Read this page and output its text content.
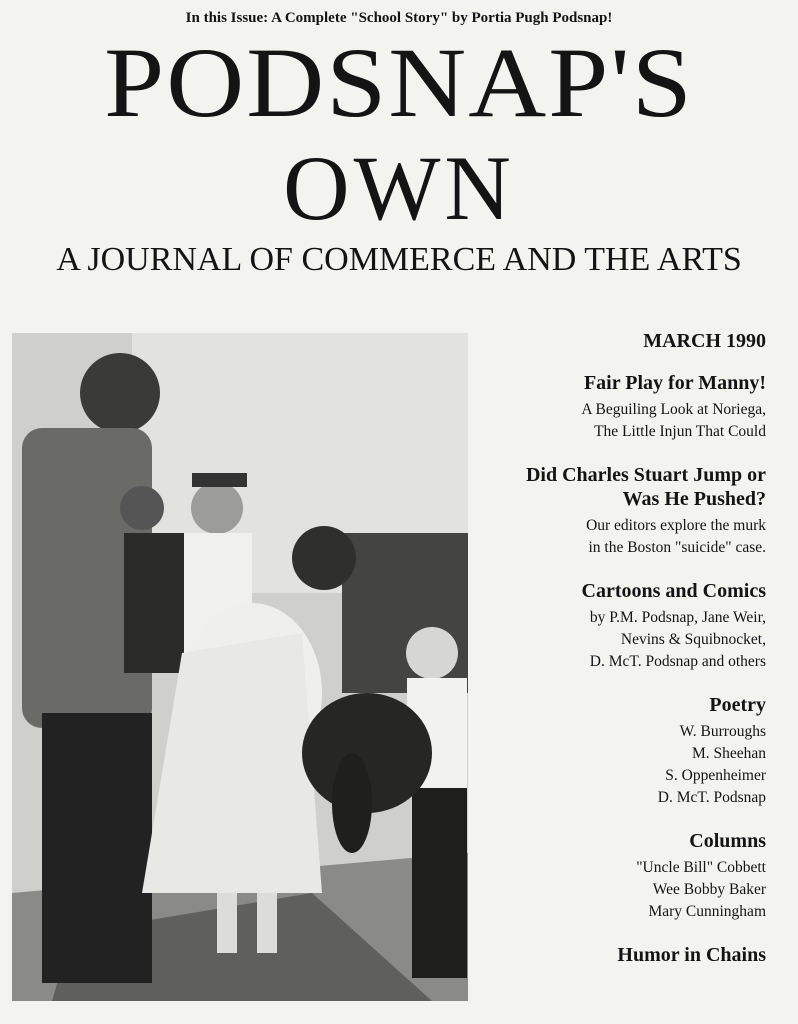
In this Issue: A Complete "School Story" by Portia Pugh Podsnap!
PODSNAP'S
OWN
A JOURNAL OF COMMERCE AND THE ARTS
MARCH 1990
Fair Play for Manny!
A Beguiling Look at Noriega,
The Little Injun That Could
Did Charles Stuart Jump or Was He Pushed?
Our editors explore the murk
in the Boston "suicide" case.
Cartoons and Comics
by P.M. Podsnap, Jane Weir,
Nevins & Squibnocket,
D. McT. Podsnap and others
Poetry
W. Burroughs
M. Sheehan
S. Oppenheimer
D. McT. Podsnap
Columns
"Uncle Bill" Cobbett
Wee Bobby Baker
Mary Cunningham
Humor in Chains
